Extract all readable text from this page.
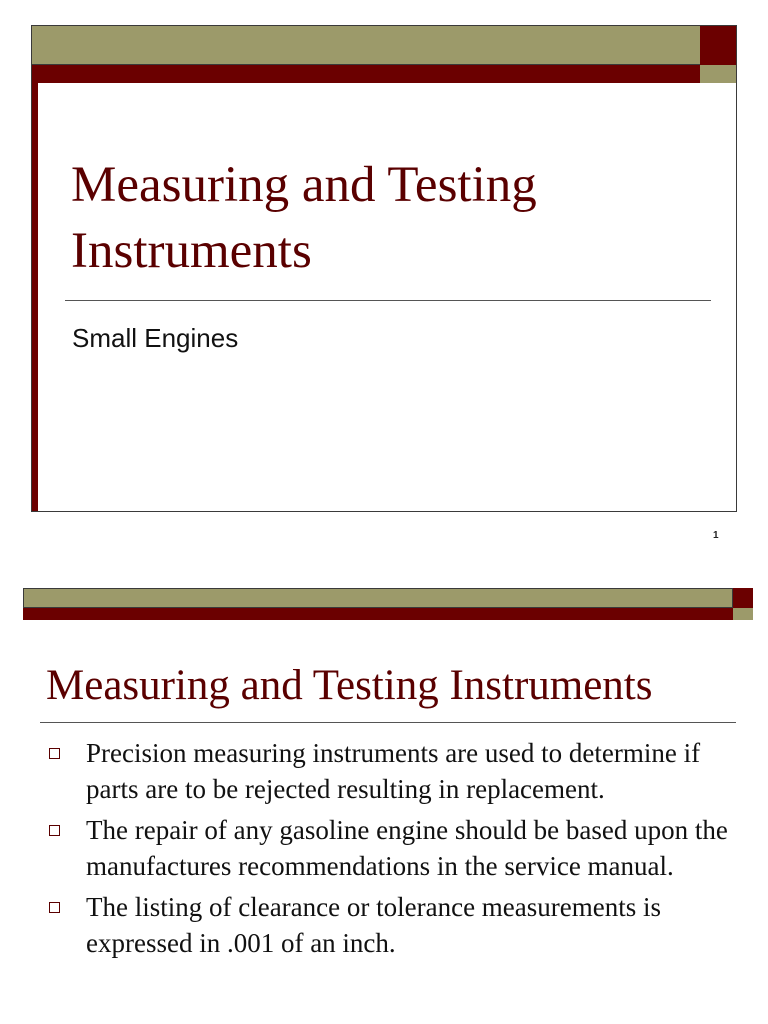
Measuring and Testing Instruments
Small Engines
1
Measuring and Testing Instruments
Precision measuring instruments are used to determine if parts are to be rejected resulting in replacement.
The repair of any gasoline engine should be based upon the manufactures recommendations in the service manual.
The listing of clearance or tolerance measurements is expressed in .001 of an inch.
